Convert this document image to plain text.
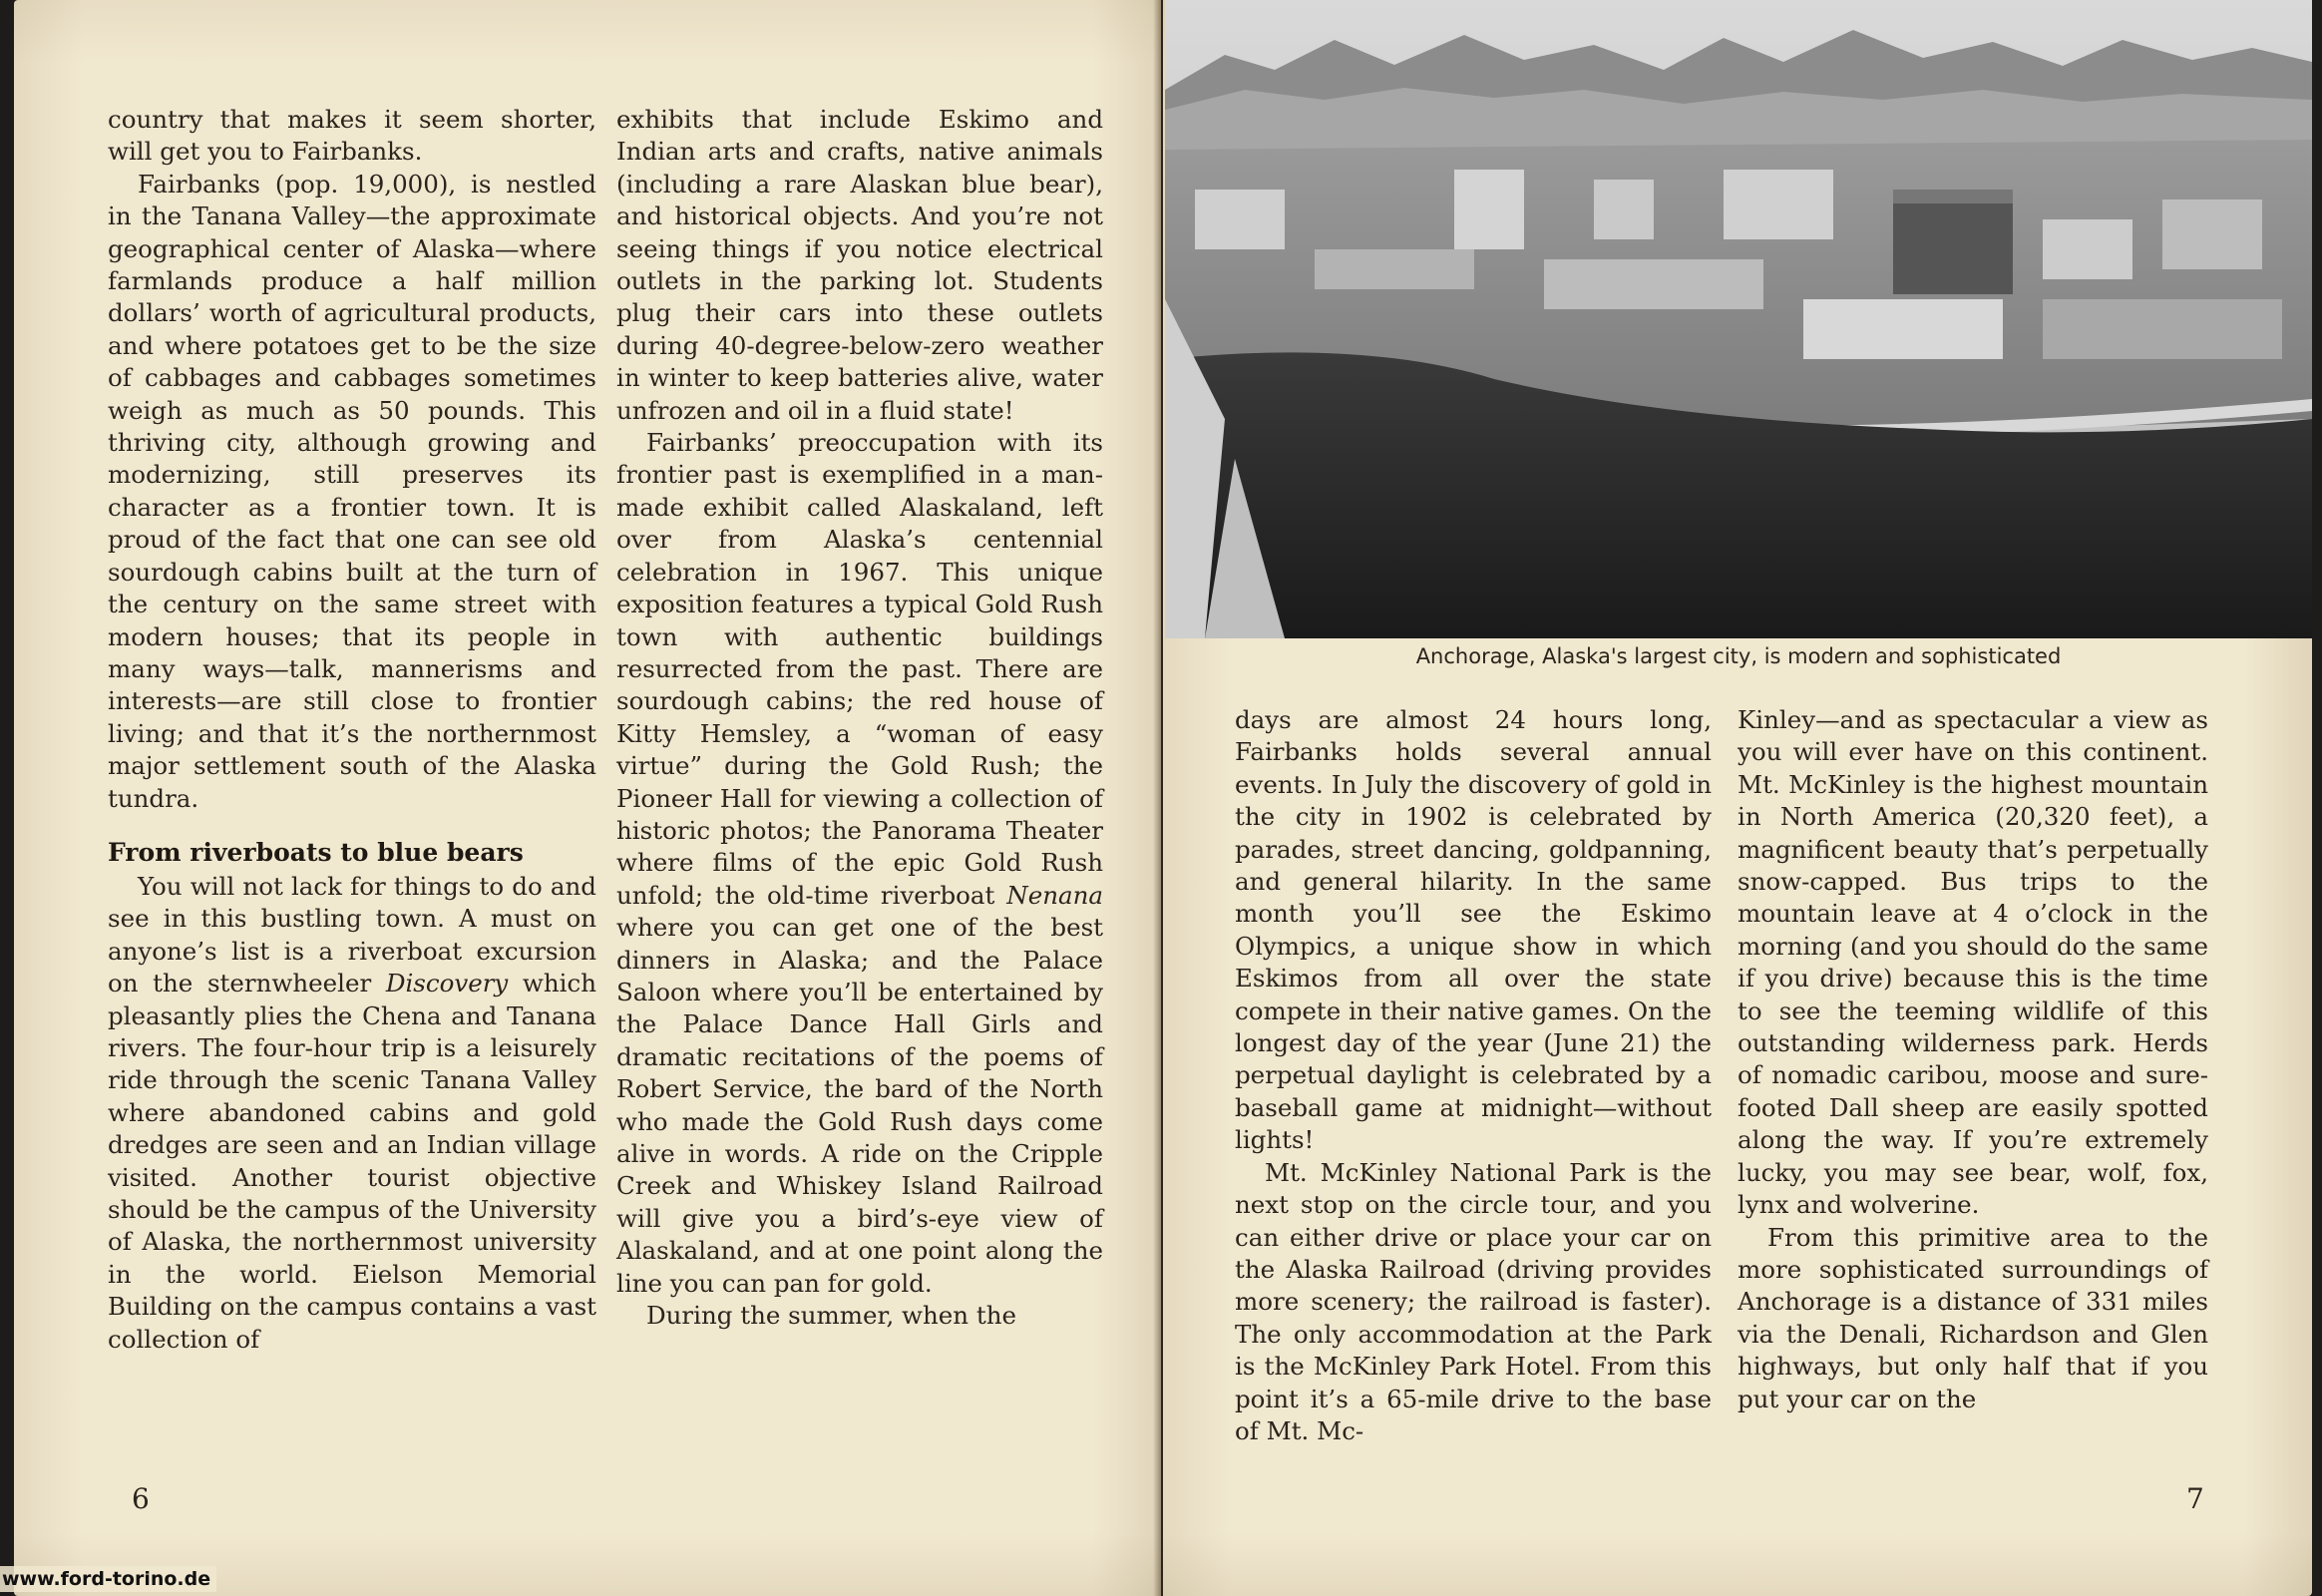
country that makes it seem shorter, will get you to Fairbanks.

Fairbanks (pop. 19,000), is nestled in the Tanana Valley—the approximate geographical center of Alaska—where farmlands produce a half million dollars’ worth of agricultural products, and where potatoes get to be the size of cabbages and cabbages sometimes weigh as much as 50 pounds. This thriving city, although growing and modernizing, still preserves its character as a frontier town. It is proud of the fact that one can see old sourdough cabins built at the turn of the century on the same street with modern houses; that its people in many ways—talk, mannerisms and interests—are still close to frontier living; and that it’s the northernmost major settlement south of the Alaska tundra.

From riverboats to blue bears

You will not lack for things to do and see in this bustling town. A must on anyone’s list is a riverboat excursion on the sternwheeler Discovery which pleasantly plies the Chena and Tanana rivers. The four-hour trip is a leisurely ride through the scenic Tanana Valley where abandoned cabins and gold dredges are seen and an Indian village visited. Another tourist objective should be the campus of the University of Alaska, the northernmost university in the world. Eielson Memorial Building on the campus contains a vast collection of

exhibits that include Eskimo and Indian arts and crafts, native animals (including a rare Alaskan blue bear), and historical objects. And you’re not seeing things if you notice electrical outlets in the parking lot. Students plug their cars into these outlets during 40-degree-below-zero weather in winter to keep batteries alive, water unfrozen and oil in a fluid state!

Fairbanks’ preoccupation with its frontier past is exemplified in a man-made exhibit called Alaskaland, left over from Alaska’s centennial celebration in 1967. This unique exposition features a typical Gold Rush town with authentic buildings resurrected from the past. There are sourdough cabins; the red house of Kitty Hemsley, a “woman of easy virtue” during the Gold Rush; the Pioneer Hall for viewing a collection of historic photos; the Panorama Theater where films of the epic Gold Rush unfold; the old-time riverboat Nenana where you can get one of the best dinners in Alaska; and the Palace Saloon where you’ll be entertained by the Palace Dance Hall Girls and dramatic recitations of the poems of Robert Service, the bard of the North who made the Gold Rush days come alive in words. A ride on the Cripple Creek and Whiskey Island Railroad will give you a bird’s-eye view of Alaskaland, and at one point along the line you can pan for gold.

During the summer, when the

6
Anchorage, Alaska's largest city, is modern and sophisticated

days are almost 24 hours long, Fairbanks holds several annual events. In July the discovery of gold in the city in 1902 is celebrated by parades, street dancing, goldpanning, and general hilarity. In the same month you’ll see the Eskimo Olympics, a unique show in which Eskimos from all over the state compete in their native games. On the longest day of the year (June 21) the perpetual daylight is celebrated by a baseball game at midnight—without lights!

Mt. McKinley National Park is the next stop on the circle tour, and you can either drive or place your car on the Alaska Railroad (driving provides more scenery; the railroad is faster). The only accommodation at the Park is the McKinley Park Hotel. From this point it’s a 65-mile drive to the base of Mt. Mc-

Kinley—and as spectacular a view as you will ever have on this continent. Mt. McKinley is the highest mountain in North America (20,320 feet), a magnificent beauty that’s perpetually snow-capped. Bus trips to the mountain leave at 4 o’clock in the morning (and you should do the same if you drive) because this is the time to see the teeming wildlife of this outstanding wilderness park. Herds of nomadic caribou, moose and surefooted Dall sheep are easily spotted along the way. If you’re extremely lucky, you may see bear, wolf, fox, lynx and wolverine.

From this primitive area to the more sophisticated surroundings of Anchorage is a distance of 331 miles via the Denali, Richardson and Glen highways, but only half that if you put your car on the

7
www.ford-torino.de
